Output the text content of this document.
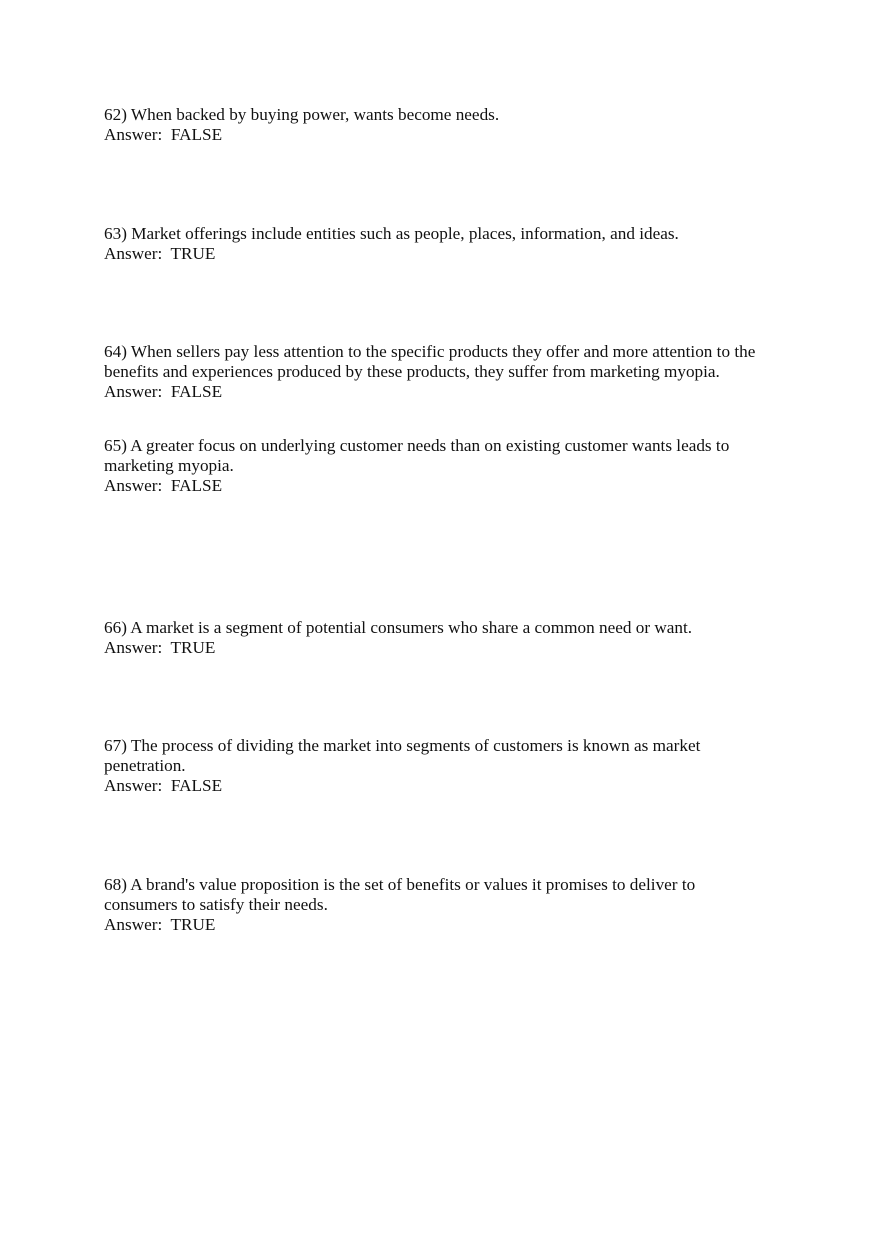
62) When backed by buying power, wants become needs.
Answer:  FALSE
63) Market offerings include entities such as people, places, information, and ideas.
Answer:  TRUE
64) When sellers pay less attention to the specific products they offer and more attention to the
benefits and experiences produced by these products, they suffer from marketing myopia.
Answer:  FALSE
65) A greater focus on underlying customer needs than on existing customer wants leads to
marketing myopia.
Answer:  FALSE
66) A market is a segment of potential consumers who share a common need or want.
Answer:  TRUE
67) The process of dividing the market into segments of customers is known as market
penetration.
Answer:  FALSE
68) A brand's value proposition is the set of benefits or values it promises to deliver to
consumers to satisfy their needs.
Answer:  TRUE
